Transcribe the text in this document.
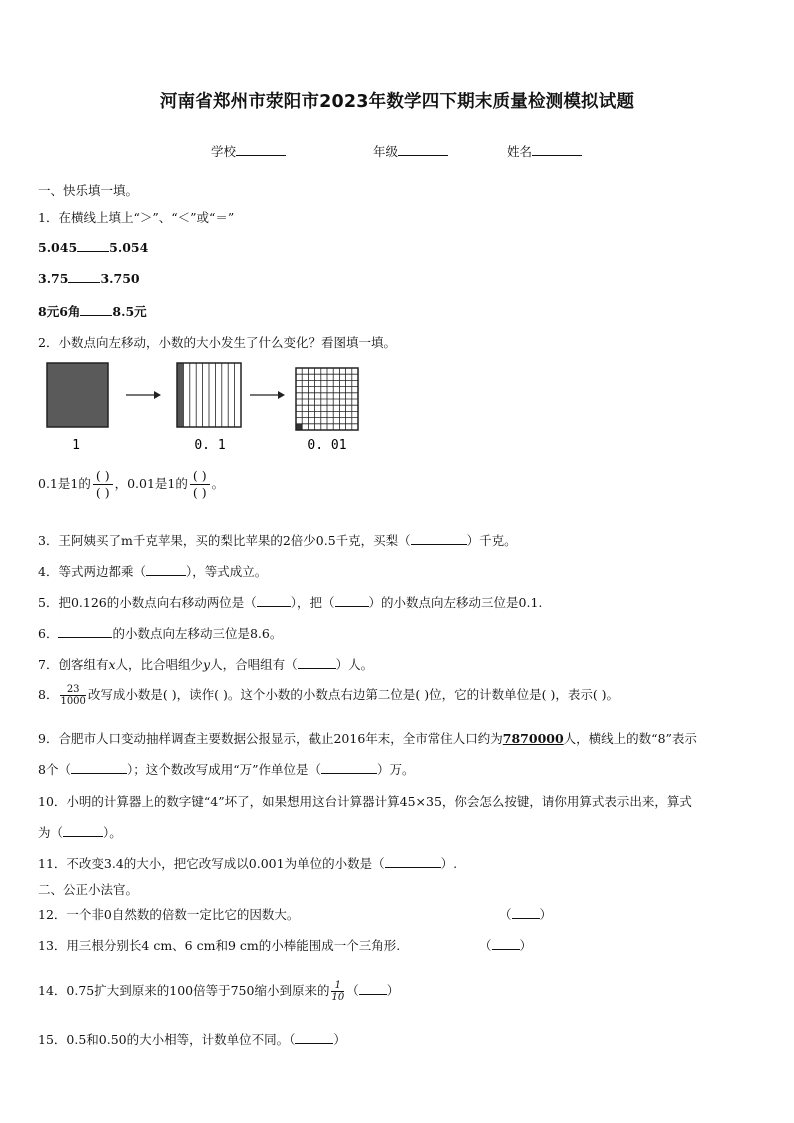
河南省郑州市荥阳市2023年数学四下期末质量检测模拟试题
学校	年级	姓名
一、快乐填一填。
1．在横线上填上“＞”、“＜”或“＝”
5.045	5.054
3.75	3.750
8元6角	8.5元
2．小数点向左移动，小数的大小发生了什么变化？看图填一填。
1	0. 1	0. 01
0.1是1的 $\frac{( )}{( )}$ ，0.01是1的 $\frac{( )}{( )}$ 。
3．王阿姨买了m千克苹果，买的梨比苹果的2倍少0.5千克，买梨（	）千克。
4．等式两边都乘（	），等式成立。
5．把0.126的小数点向右移动两位是（	），把（	）的小数点向左移动三位是0.1.
6．	的小数点向左移动三位是8.6。
7．创客组有x人，比合唱组少y人，合唱组有（	）人。
8． $\frac{23}{1000}$ 改写成小数是( )，读作( )。这个小数的小数点右边第二位是( )位，它的计数单位是( )，表示( )。
9．合肥市人口变动抽样调查主要数据公报显示，截止2016年末，全市常住人口约为7870000人，横线上的数“8”表示
8个（	）；这个数改写成用“万”作单位是（	）万。
10．小明的计算器上的数字键“4”坏了，如果想用这台计算器计算45×35，你会怎么按键，请你用算式表示出来，算式
为（	）。
11．不改变3.4的大小，把它改写成以0.001为单位的小数是（	）.
二、公正小法官。
12．一个非0自然数的倍数一定比它的因数大。	（ ）
13．用三根分别长4 cm、6 cm和9 cm的小棒能围成一个三角形.	（ ）
14．0.75扩大到原来的100倍等于750缩小到原来的 $\frac{1}{10}$ （ ）
15．0.5和0.50的大小相等，计数单位不同。（	）
